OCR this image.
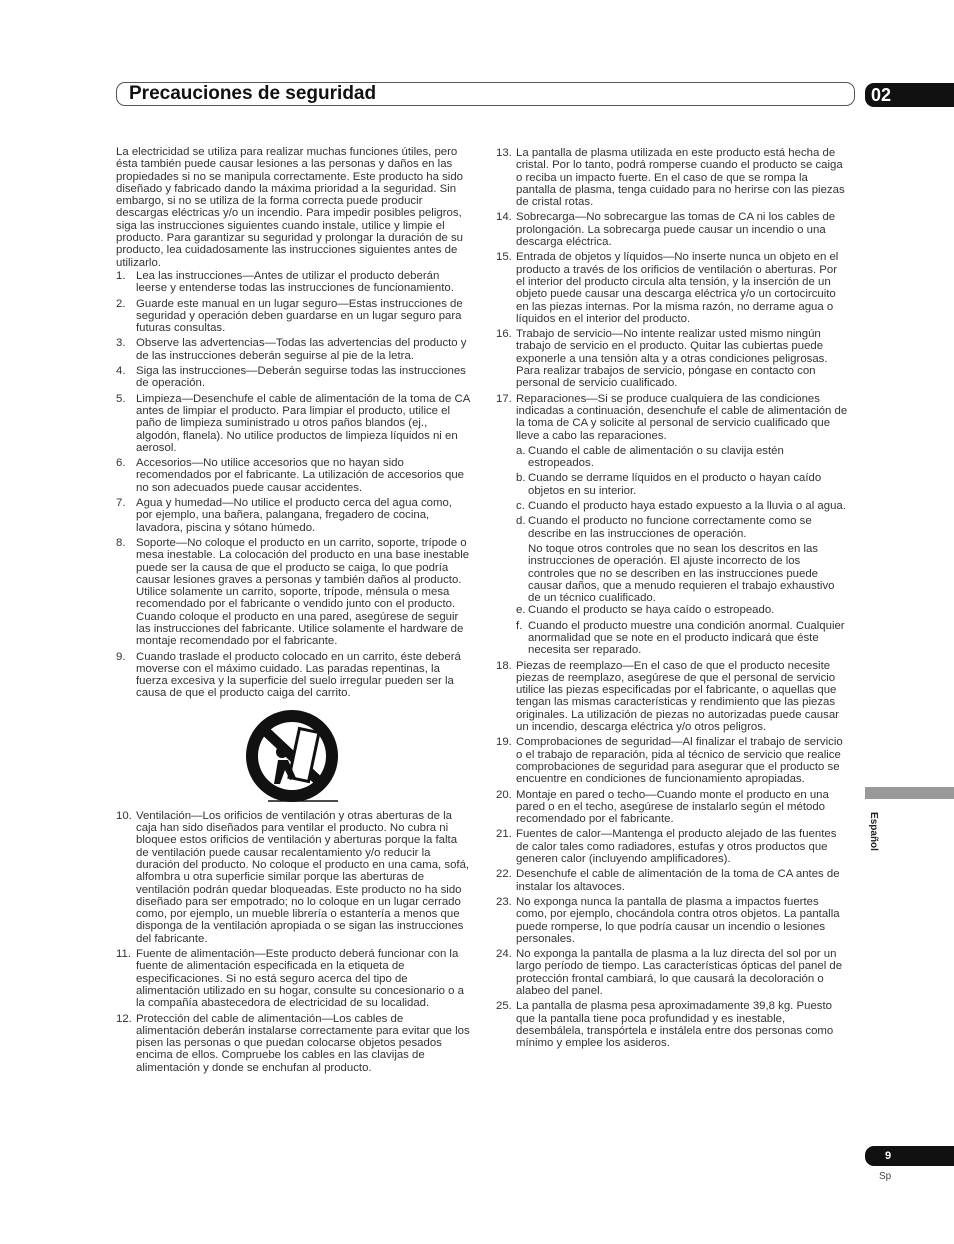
Precauciones de seguridad	02

La electricidad se utiliza para realizar muchas funciones útiles, pero ésta también puede causar lesiones a las personas y daños en las propiedades si no se manipula correctamente. Este producto ha sido diseñado y fabricado dando la máxima prioridad a la seguridad. Sin embargo, si no se utiliza de la forma correcta puede producir descargas eléctricas y/o un incendio. Para impedir posibles peligros, siga las instrucciones siguientes cuando instale, utilice y limpie el producto. Para garantizar su seguridad y prolongar la duración de su producto, lea cuidadosamente las instrucciones siguientes antes de utilizarlo.

1. Lea las instrucciones—Antes de utilizar el producto deberán leerse y entenderse todas las instrucciones de funcionamiento.
2. Guarde este manual en un lugar seguro—Estas instrucciones de seguridad y operación deben guardarse en un lugar seguro para futuras consultas.
3. Observe las advertencias—Todas las advertencias del producto y de las instrucciones deberán seguirse al pie de la letra.
4. Siga las instrucciones—Deberán seguirse todas las instrucciones de operación.
5. Limpieza—Desenchufe el cable de alimentación de la toma de CA antes de limpiar el producto. Para limpiar el producto, utilice el paño de limpieza suministrado u otros paños blandos (ej., algodón, flanela). No utilice productos de limpieza líquidos ni en aerosol.
6. Accesorios—No utilice accesorios que no hayan sido recomendados por el fabricante. La utilización de accesorios que no son adecuados puede causar accidentes.
7. Agua y humedad—No utilice el producto cerca del agua como, por ejemplo, una bañera, palangana, fregadero de cocina, lavadora, piscina y sótano húmedo.
8. Soporte—No coloque el producto en un carrito, soporte, trípode o mesa inestable. La colocación del producto en una base inestable puede ser la causa de que el producto se caiga, lo que podría causar lesiones graves a personas y también daños al producto. Utilice solamente un carrito, soporte, trípode, ménsula o mesa recomendado por el fabricante o vendido junto con el producto. Cuando coloque el producto en una pared, asegúrese de seguir las instrucciones del fabricante. Utilice solamente el hardware de montaje recomendado por el fabricante.
9. Cuando traslade el producto colocado en un carrito, éste deberá moverse con el máximo cuidado. Las paradas repentinas, la fuerza excesiva y la superficie del suelo irregular pueden ser la causa de que el producto caiga del carrito.
10. Ventilación—Los orificios de ventilación y otras aberturas de la caja han sido diseñados para ventilar el producto. No cubra ni bloquee estos orificios de ventilación y aberturas porque la falta de ventilación puede causar recalentamiento y/o reducir la duración del producto. No coloque el producto en una cama, sofá, alfombra u otra superficie similar porque las aberturas de ventilación podrán quedar bloqueadas. Este producto no ha sido diseñado para ser empotrado; no lo coloque en un lugar cerrado como, por ejemplo, un mueble librería o estantería a menos que disponga de la ventilación apropiada o se sigan las instrucciones del fabricante.
11. Fuente de alimentación—Este producto deberá funcionar con la fuente de alimentación especificada en la etiqueta de especificaciones. Si no está seguro acerca del tipo de alimentación utilizado en su hogar, consulte su concesionario o a la compañía abastecedora de electricidad de su localidad.
12. Protección del cable de alimentación—Los cables de alimentación deberán instalarse correctamente para evitar que los pisen las personas o que puedan colocarse objetos pesados encima de ellos. Compruebe los cables en las clavijas de alimentación y donde se enchufan al producto.
13. La pantalla de plasma utilizada en este producto está hecha de cristal. Por lo tanto, podrá romperse cuando el producto se caiga o reciba un impacto fuerte. En el caso de que se rompa la pantalla de plasma, tenga cuidado para no herirse con las piezas de cristal rotas.
14. Sobrecarga—No sobrecargue las tomas de CA ni los cables de prolongación. La sobrecarga puede causar un incendio o una descarga eléctrica.
15. Entrada de objetos y líquidos—No inserte nunca un objeto en el producto a través de los orificios de ventilación o aberturas. Por el interior del producto circula alta tensión, y la inserción de un objeto puede causar una descarga eléctrica y/o un cortocircuito en las piezas internas. Por la misma razón, no derrame agua o líquidos en el interior del producto.
16. Trabajo de servicio—No intente realizar usted mismo ningún trabajo de servicio en el producto. Quitar las cubiertas puede exponerle a una tensión alta y a otras condiciones peligrosas. Para realizar trabajos de servicio, póngase en contacto con personal de servicio cualificado.
17. Reparaciones—Si se produce cualquiera de las condiciones indicadas a continuación, desenchufe el cable de alimentación de la toma de CA y solicite al personal de servicio cualificado que lleve a cabo las reparaciones.
a. Cuando el cable de alimentación o su clavija estén estropeados.
b. Cuando se derrame líquidos en el producto o hayan caído objetos en su interior.
c. Cuando el producto haya estado expuesto a la lluvia o al agua.
d. Cuando el producto no funcione correctamente como se describe en las instrucciones de operación.

No toque otros controles que no sean los descritos en las instrucciones de operación. El ajuste incorrecto de los controles que no se describen en las instrucciones puede causar daños, que a menudo requieren el trabajo exhaustivo de un técnico cualificado.

e. Cuando el producto se haya caído o estropeado.
f. Cuando el producto muestre una condición anormal. Cualquier anormalidad que se note en el producto indicará que éste necesita ser reparado.
18. Piezas de reemplazo—En el caso de que el producto necesite piezas de reemplazo, asegúrese de que el personal de servicio utilice las piezas especificadas por el fabricante, o aquellas que tengan las mismas características y rendimiento que las piezas originales. La utilización de piezas no autorizadas puede causar un incendio, descarga eléctrica y/o otros peligros.
19. Comprobaciones de seguridad—Al finalizar el trabajo de servicio o el trabajo de reparación, pida al técnico de servicio que realice comprobaciones de seguridad para asegurar que el producto se encuentre en condiciones de funcionamiento apropiadas.
20. Montaje en pared o techo—Cuando monte el producto en una pared o en el techo, asegúrese de instalarlo según el método recomendado por el fabricante.
21. Fuentes de calor—Mantenga el producto alejado de las fuentes de calor tales como radiadores, estufas y otros productos que generen calor (incluyendo amplificadores).
22. Desenchufe el cable de alimentación de la toma de CA antes de instalar los altavoces.
23. No exponga nunca la pantalla de plasma a impactos fuertes como, por ejemplo, chocándola contra otros objetos. La pantalla puede romperse, lo que podría causar un incendio o lesiones personales.
24. No exponga la pantalla de plasma a la luz directa del sol por un largo período de tiempo. Las características ópticas del panel de protección frontal cambiará, lo que causará la decoloración o alabeo del panel.
25. La pantalla de plasma pesa aproximadamente 39,8 kg. Puesto que la pantalla tiene poca profundidad y es inestable, desembálela, transpórtela e instálela entre dos personas como mínimo y emplee los asideros.
Español
9
Sp
